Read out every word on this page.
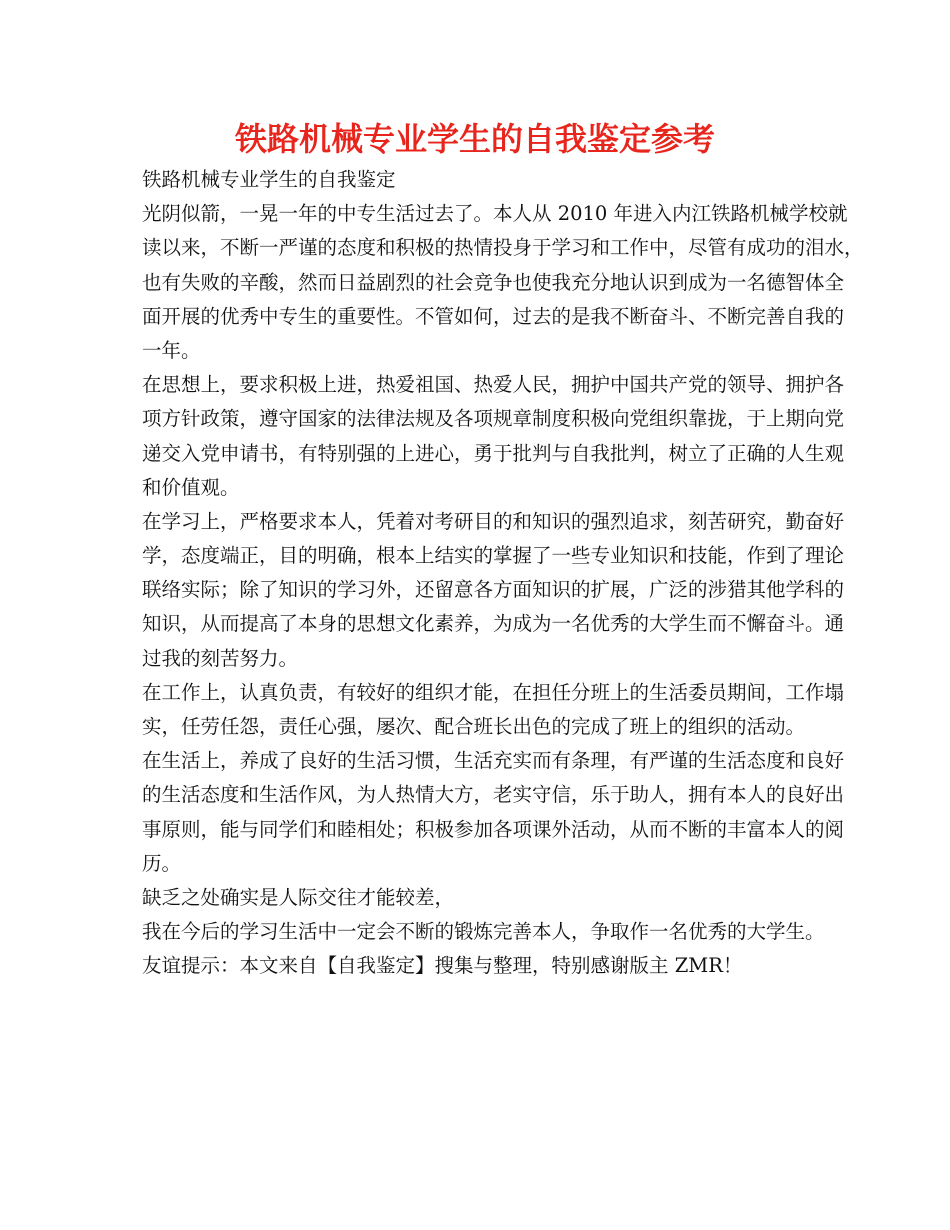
铁路机械专业学生的自我鉴定参考
铁路机械专业学生的自我鉴定
光阴似箭，一晃一年的中专生活过去了。本人从 2010 年进入内江铁路机械学校就
读以来，不断一严谨的态度和积极的热情投身于学习和工作中，尽管有成功的泪水，
也有失败的辛酸，然而日益剧烈的社会竞争也使我充分地认识到成为一名德智体全
面开展的优秀中专生的重要性。不管如何，过去的是我不断奋斗、不断完善自我的
一年。
在思想上，要求积极上进，热爱祖国、热爱人民，拥护中国共产党的领导、拥护各
项方针政策，遵守国家的法律法规及各项规章制度积极向党组织靠拢，于上期向党
递交入党申请书，有特别强的上进心，勇于批判与自我批判，树立了正确的人生观
和价值观。
在学习上，严格要求本人，凭着对考研目的和知识的强烈追求，刻苦研究，勤奋好
学，态度端正，目的明确，根本上结实的掌握了一些专业知识和技能，作到了理论
联络实际；除了知识的学习外，还留意各方面知识的扩展，广泛的涉猎其他学科的
知识，从而提高了本身的思想文化素养，为成为一名优秀的大学生而不懈奋斗。通
过我的刻苦努力。
在工作上，认真负责，有较好的组织才能，在担任分班上的生活委员期间，工作塌
实，任劳任怨，责任心强，屡次、配合班长出色的完成了班上的组织的活动。
在生活上，养成了良好的生活习惯，生活充实而有条理，有严谨的生活态度和良好
的生活态度和生活作风，为人热情大方，老实守信，乐于助人，拥有本人的良好出
事原则，能与同学们和睦相处；积极参加各项课外活动，从而不断的丰富本人的阅
历。
缺乏之处确实是人际交往才能较差，
我在今后的学习生活中一定会不断的锻炼完善本人，争取作一名优秀的大学生。
友谊提示：本文来自【自我鉴定】搜集与整理，特别感谢版主 ZMR！
